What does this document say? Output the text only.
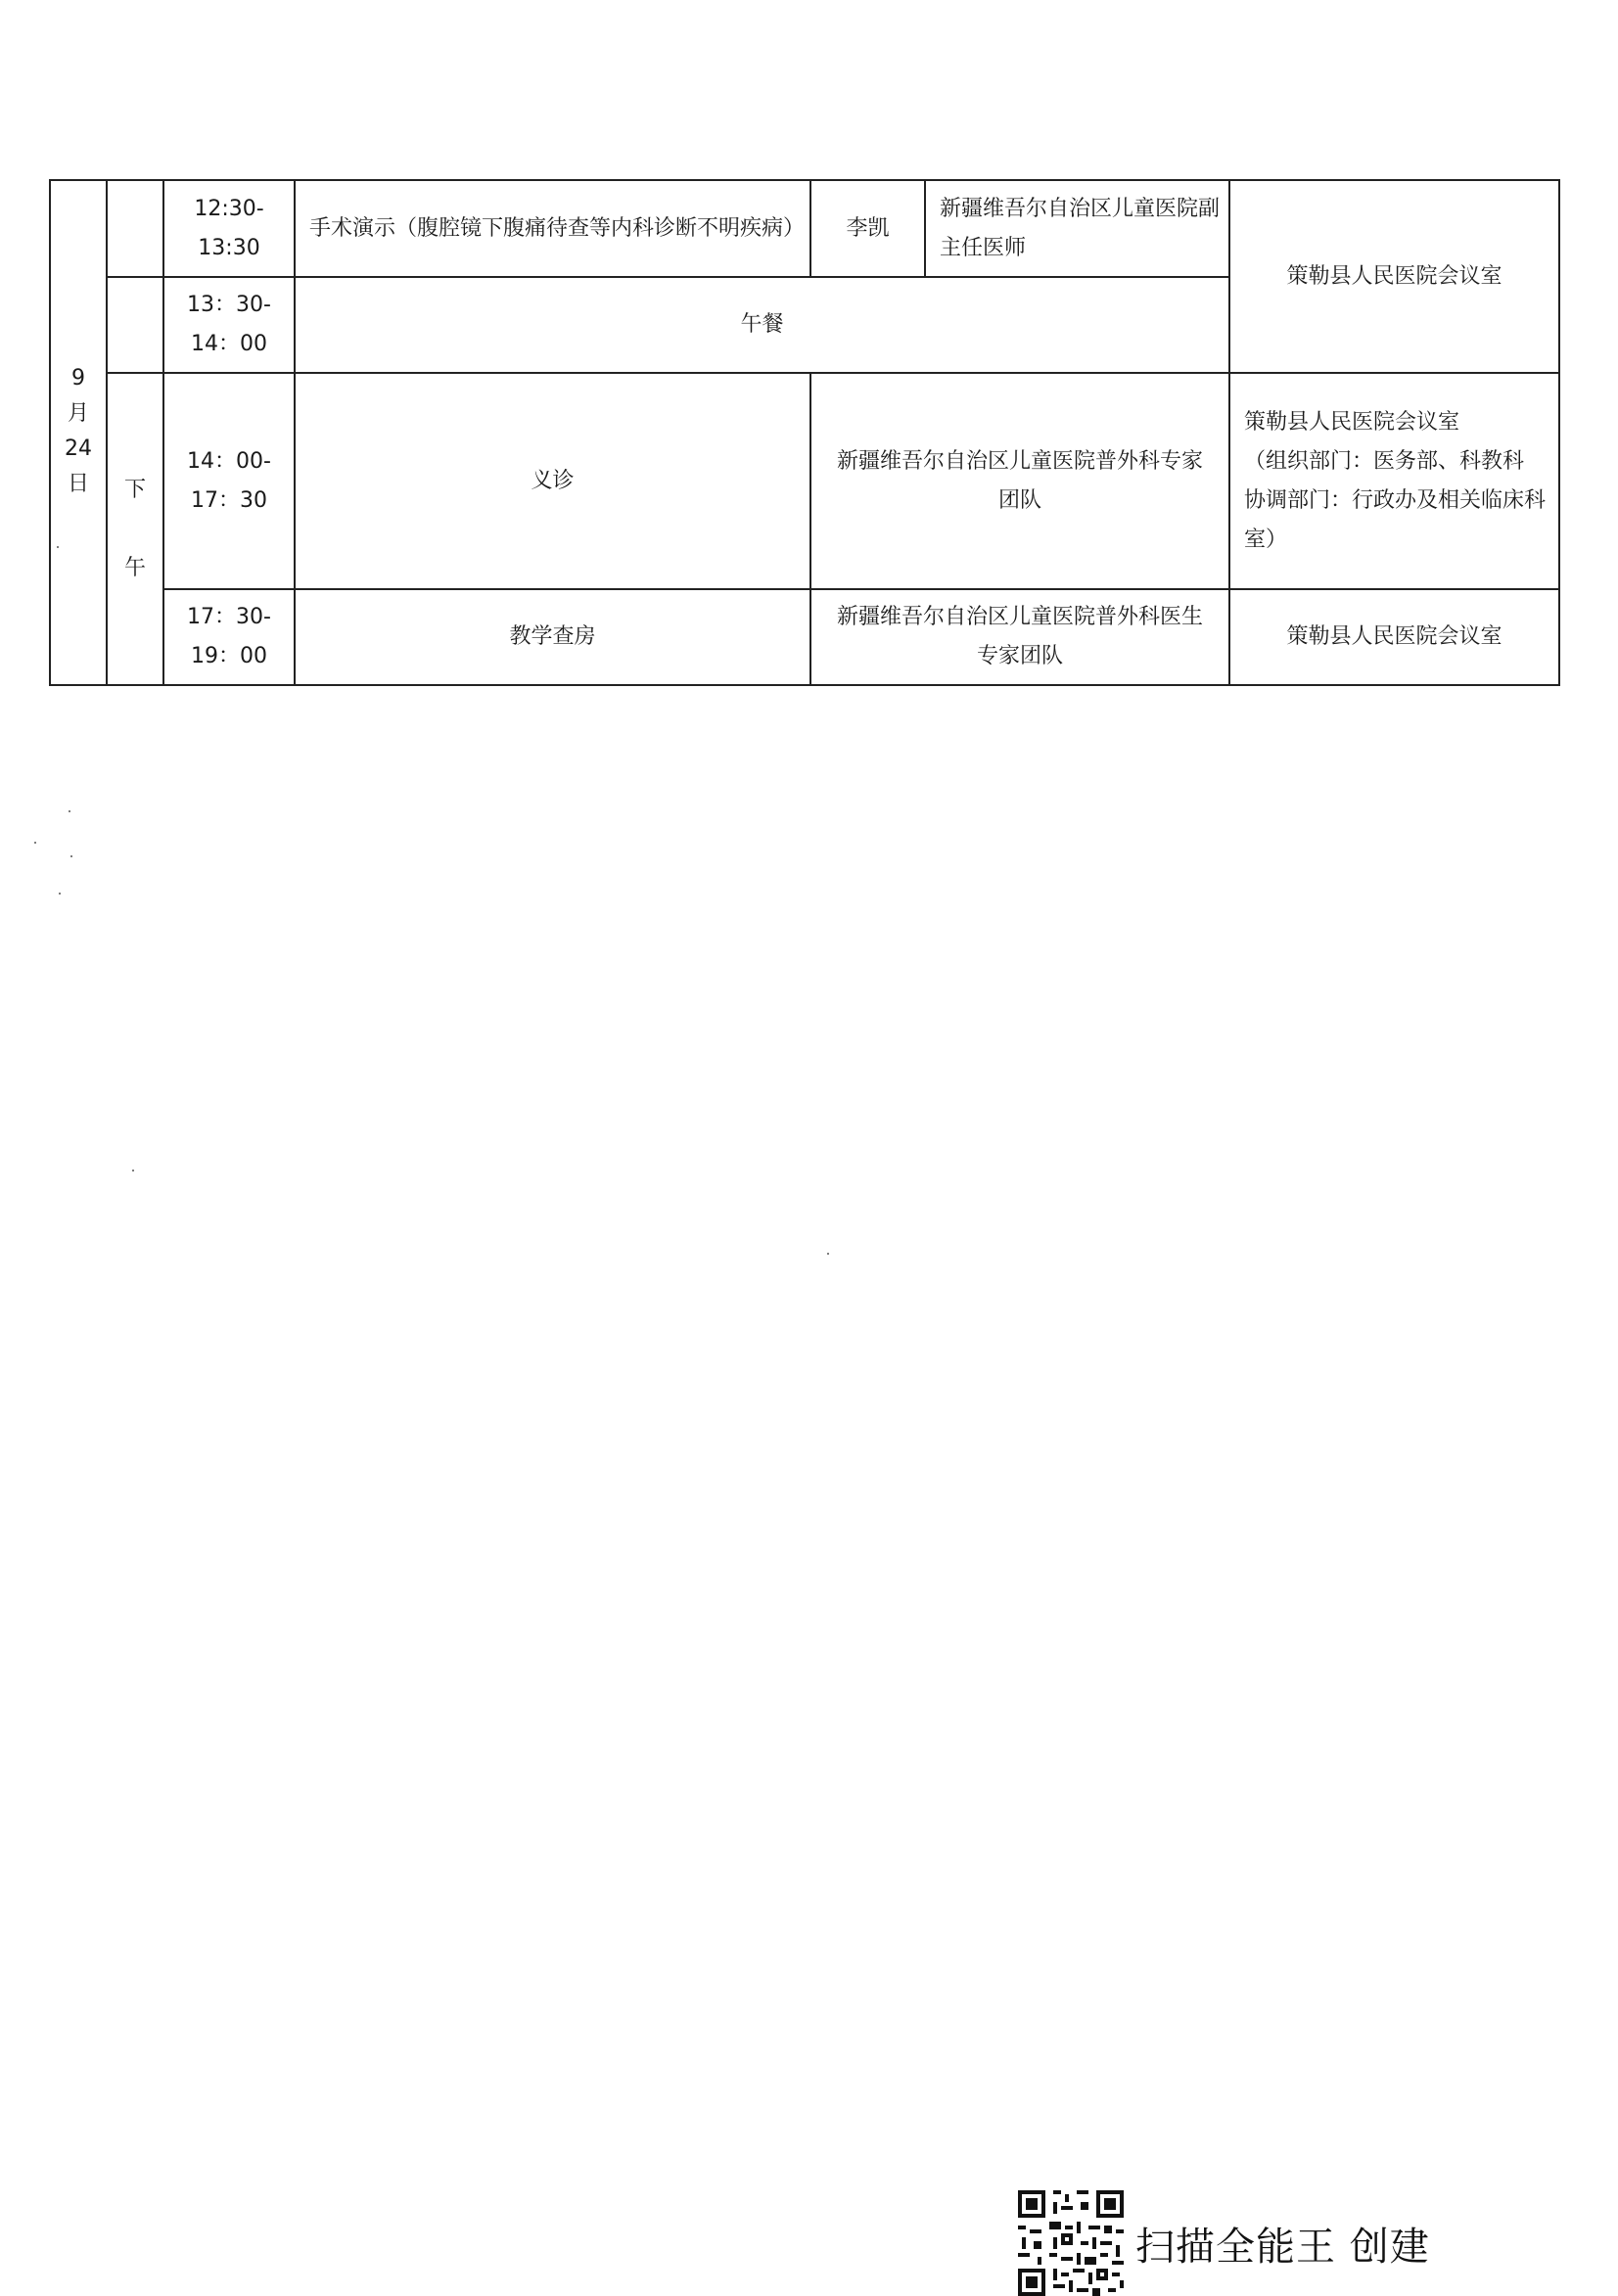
9月24日		12:30-13:30	手术演示（腹腔镜下腹痛待查等内科诊断不明疾病）	李凯	新疆维吾尔自治区儿童医院副主任医师	策勒县人民医院会议室
		13：30-14：00	午餐			
	下午	14：00-17：30	义诊	新疆维吾尔自治区儿童医院普外科专家团队		策勒县人民医院会议室
（组织部门：医务部、科教科
协调部门：行政办及相关临床科室）

		17：30-19：00	教学查房	新疆维吾尔自治区儿童医院普外科医生专家团队		策勒县人民医院会议室
扫描全能王 创建
